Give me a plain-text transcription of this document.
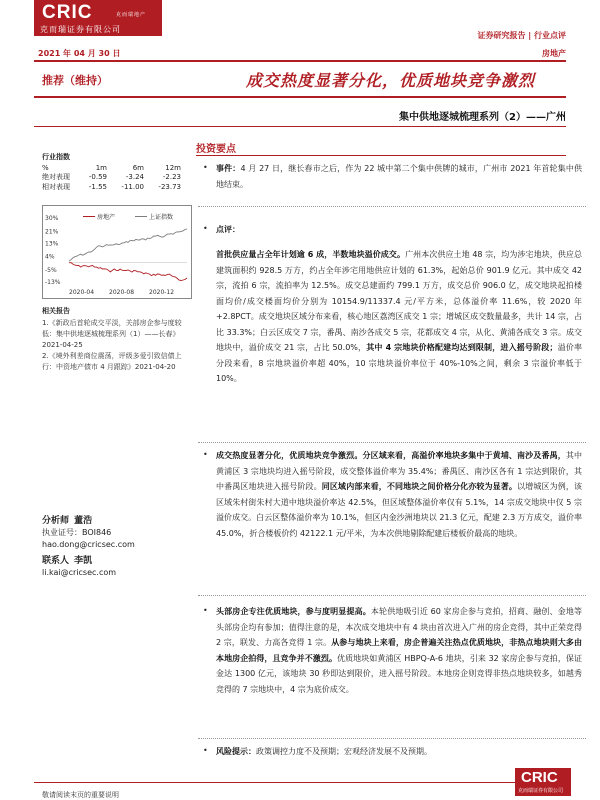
CRIC	克而瑞地产
克而瑞证券有限公司
证券研究报告 | 行业点评
2021 年 04 月 30 日	房地产
推荐（维持）	成交热度显著分化，优质地块竞争激烈
集中供地逐城梳理系列（2）——广州
行业指数
%	1m	6m	12m
绝对表现	-0.59	-3.24	-2.23
相对表现	-1.55	-11.00	-23.73
房地产	上证指数
30%
21%
13%
4%
-5%
-13%
2020-04 2020-08 2020-12
相关报告
1.《新政后首轮成交平淡，关部房企参与度较低：集中供地逐城梳理系列（1）——长春》2021-04-25
2.《境外利差商位震荡，评级多爱引致信债上行：中资地产债市 4 月跟踪》2021-04-20
分析师 董浩
执业证号：BOI846
hao.dong@cricsec.com
联系人 李凯
li.kai@cricsec.com
投资要点
• 事件：4 月 27 日，继长春市之后，作为 22 城中第二个集中供牌的城市，广州市 2021 年首轮集中供地结束。
• 点评：
首批供应量占全年计划逾 6 成，半数地块溢价成交。广州本次供应土地 48 宗，均为涉宅地块，供应总建筑面积约 928.5 万方，约占全年涉宅用地供应计划的 61.3%，起始总价 901.9 亿元。其中成交 42 宗，流拍 6 宗，流拍率为 12.5%。成交总建面约 799.1 万方，成交总价 906.0 亿，成交地块起拍楼面均价/成交楼面均价分别为 10154.9/11337.4 元/平方米，总体溢价率 11.6%，较 2020 年+2.8PCT。成交地块区域分布来看，核心地区荔湾区成交 1 宗；增城区成交数量最多，共计 14 宗，占比 33.3%；白云区成交 7 宗，番禺、南沙各成交 5 宗，花都成交 4 宗，从化、黄浦各成交 3 宗。成交地块中，溢价成交 21 宗，占比 50.0%，其中 4 宗地块价格配建均达到限制，进入摇号阶段；溢价率分段来看，8 宗地块溢价率超 40%，10 宗地块溢价率位于 40%-10%之间，剩余 3 宗溢价率低于 10%。
• 成交热度显著分化，优质地块竞争激烈。分区域来看，高溢价率地块多集中于黄埔、南沙及番禺，其中黄浦区 3 宗地块均进入摇号阶段，成交整体溢价率为 35.4%；番禺区、南沙区各有 1 宗达到限价，其中番禺区地块进入摇号阶段。同区域内部来看，不同地块之间价格分化亦较为显著。以增城区为例，该区域朱村街朱村大道中地块溢价率达 42.5%，但区域整体溢价率仅有 5.1%，14 宗成交地块中仅 5 宗溢价成交。白云区整体溢价率为 10.1%，但区内金沙洲地块以 21.3 亿元，配建 2.3 万方成交，溢价率 45.0%，折合楼板价约 42122.1 元/平米，为本次供地剔除配建后楼板价最高的地块。
• 头部房企专注优质地块，参与度明显提高。本轮供地吸引近 60 家房企参与竞拍，招商、融创、金地等头部房企均有参加；值得注意的是，本次成交地块中有 4 块由首次进入广州的房企竞得，其中正荣竞得 2 宗，联发、力高各竞得 1 宗。从参与地块上来看，房企普遍关注热点优质地块，非热点地块则大多由本地房企拍得，且竞争并不激烈。优质地块如黄浦区 HBPQ-A-6 地块，引来 32 家房企参与竞拍，保证金达 1300 亿元，该地块 30 秒即达到限价，进入摇号阶段。本地房企则竞得非热点地块较多，如越秀竞得的 7 宗地块中，4 宗为底价成交。
• 风险提示：政策调控力度不及预期；宏观经济发展不及预期。
敬请阅读末页的重要说明
CRIC
克而瑞证券有限公司
